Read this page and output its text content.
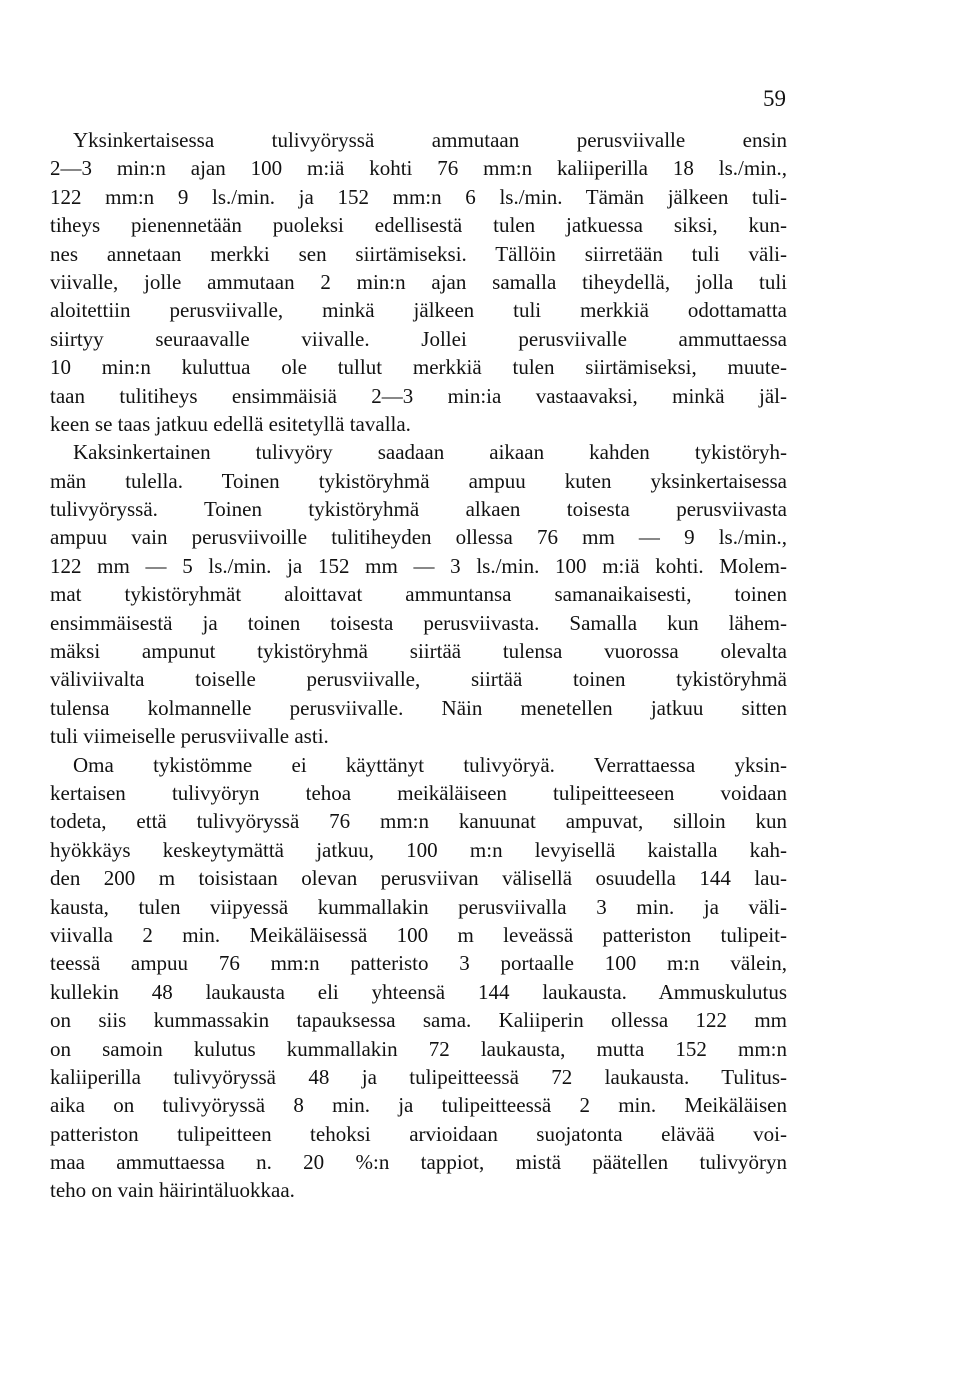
59
Yksinkertaisessa tulivyöryssä ammutaan perusviivalle ensin
2—3 min:n ajan 100 m:iä kohti 76 mm:n kaliiperilla 18 ls./min.,
122 mm:n 9 ls./min. ja 152 mm:n 6 ls./min. Tämän jälkeen tuli-
tiheys pienennetään puoleksi edellisestä tulen jatkuessa siksi, kun-
nes annetaan merkki sen siirtämiseksi. Tällöin siirretään tuli väli-
viivalle, jolle ammutaan 2 min:n ajan samalla tiheydellä, jolla tuli
aloitettiin perusviivalle, minkä jälkeen tuli merkkiä odottamatta
siirtyy seuraavalle viivalle. Jollei perusviivalle ammuttaessa
10 min:n kuluttua ole tullut merkkiä tulen siirtämiseksi, muute-
taan tulitiheys ensimmäisiä 2—3 min:ia vastaavaksi, minkä jäl-
keen se taas jatkuu edellä esitetyllä tavalla.
Kaksinkertainen tulivyöry saadaan aikaan kahden tykistöryh-
män tulella. Toinen tykistöryhmä ampuu kuten yksinkertaisessa
tulivyöryssä. Toinen tykistöryhmä alkaen toisesta perusviivasta
ampuu vain perusviivoille tulitiheyden ollessa 76 mm — 9 ls./min.,
122 mm — 5 ls./min. ja 152 mm — 3 ls./min. 100 m:iä kohti. Molem-
mat tykistöryhmät aloittavat ammuntansa samanaikaisesti, toinen
ensimmäisestä ja toinen toisesta perusviivasta. Samalla kun lähem-
mäksi ampunut tykistöryhmä siirtää tulensa vuorossa olevalta
väliviivalta toiselle perusviivalle, siirtää toinen tykistöryhmä
tulensa kolmannelle perusviivalle. Näin menetellen jatkuu sitten
tuli viimeiselle perusviivalle asti.
Oma tykistömme ei käyttänyt tulivyöryä. Verrattaessa yksin-
kertaisen tulivyöryn tehoa meikäläiseen tulipeitteeseen voidaan
todeta, että tulivyöryssä 76 mm:n kanuunat ampuvat, silloin kun
hyökkäys keskeytymättä jatkuu, 100 m:n levyisellä kaistalla kah-
den 200 m toisistaan olevan perusviivan välisellä osuudella 144 lau-
kausta, tulen viipyessä kummallakin perusviivalla 3 min. ja väli-
viivalla 2 min. Meikäläisessä 100 m leveässä patteriston tulipeit-
teessä ampuu 76 mm:n patteristo 3 portaalle 100 m:n välein,
kullekin 48 laukausta eli yhteensä 144 laukausta. Ammuskulutus
on siis kummassakin tapauksessa sama. Kaliiperin ollessa 122 mm
on samoin kulutus kummallakin 72 laukausta, mutta 152 mm:n
kaliiperilla tulivyöryssä 48 ja tulipeitteessä 72 laukausta. Tulitus-
aika on tulivyöryssä 8 min. ja tulipeitteessä 2 min. Meikäläisen
patteriston tulipeitteen tehoksi arvioidaan suojatonta elävää voi-
maa ammuttaessa n. 20 %:n tappiot, mistä päätellen tulivyöryn
teho on vain häirintäluokkaa.
